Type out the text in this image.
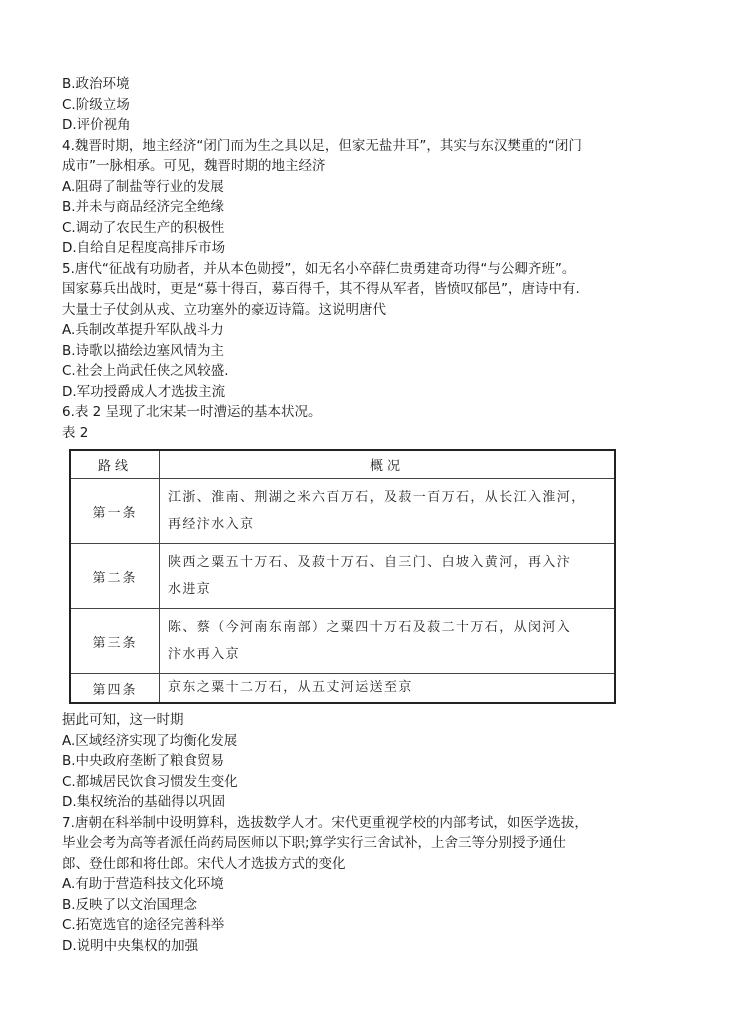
B.政治环境
C.阶级立场
D.评价视角
4.魏晋时期，地主经济“闭门而为生之具以足，但家无盐井耳”，其实与东汉樊重的“闭门
成市”一脉相承。可见，魏晋时期的地主经济
A.阻碍了制盐等行业的发展
B.并未与商品经济完全绝缘
C.调动了农民生产的积极性
D.自给自足程度高排斥市场
5.唐代“征战有功励者，并从本色勋授”，如无名小卒薛仁贵勇建奇功得“与公卿齐班”。
国家募兵出战时，更是“募十得百，募百得千，其不得从军者，皆愤叹郁邑”，唐诗中有.
大量士子仗剑从戎、立功塞外的豪迈诗篇。这说明唐代
A.兵制改革提升军队战斗力
B.诗歌以描绘边塞风情为主
C.社会上尚武任侠之风较盛.
D.军功授爵成人才选拔主流
6.表 2 呈现了北宋某一时漕运的基本状况。
表 2
路线	概况
第一条	江浙、淮南、荆湖之米六百万石，及菽一百万石，从长江入淮河，
再经汴水入京

第二条	陕西之粟五十万石、及菽十万石、自三门、白坡入黄河，再入汴
水进京

第三条	陈、蔡（今河南东南部）之粟四十万石及菽二十万石，从闵河入
汴水再入京

第四条	京东之粟十二万石，从五丈河运送至京
据此可知，这一时期
A.区域经济实现了均衡化发展
B.中央政府垄断了粮食贸易
C.都城居民饮食习惯发生变化
D.集权统治的基础得以巩固
7.唐朝在科举制中设明算科，选拔数学人才。宋代更重视学校的内部考试，如医学选拔，
毕业会考为高等者派任尚药局医师以下职;算学实行三舍试补，上舍三等分别授予通仕
郎、登仕郎和将仕郎。宋代人才选拔方式的变化
A.有助于营造科技文化环境
B.反映了以文治国理念
C.拓宽选官的途径完善科举
D.说明中央集权的加强
